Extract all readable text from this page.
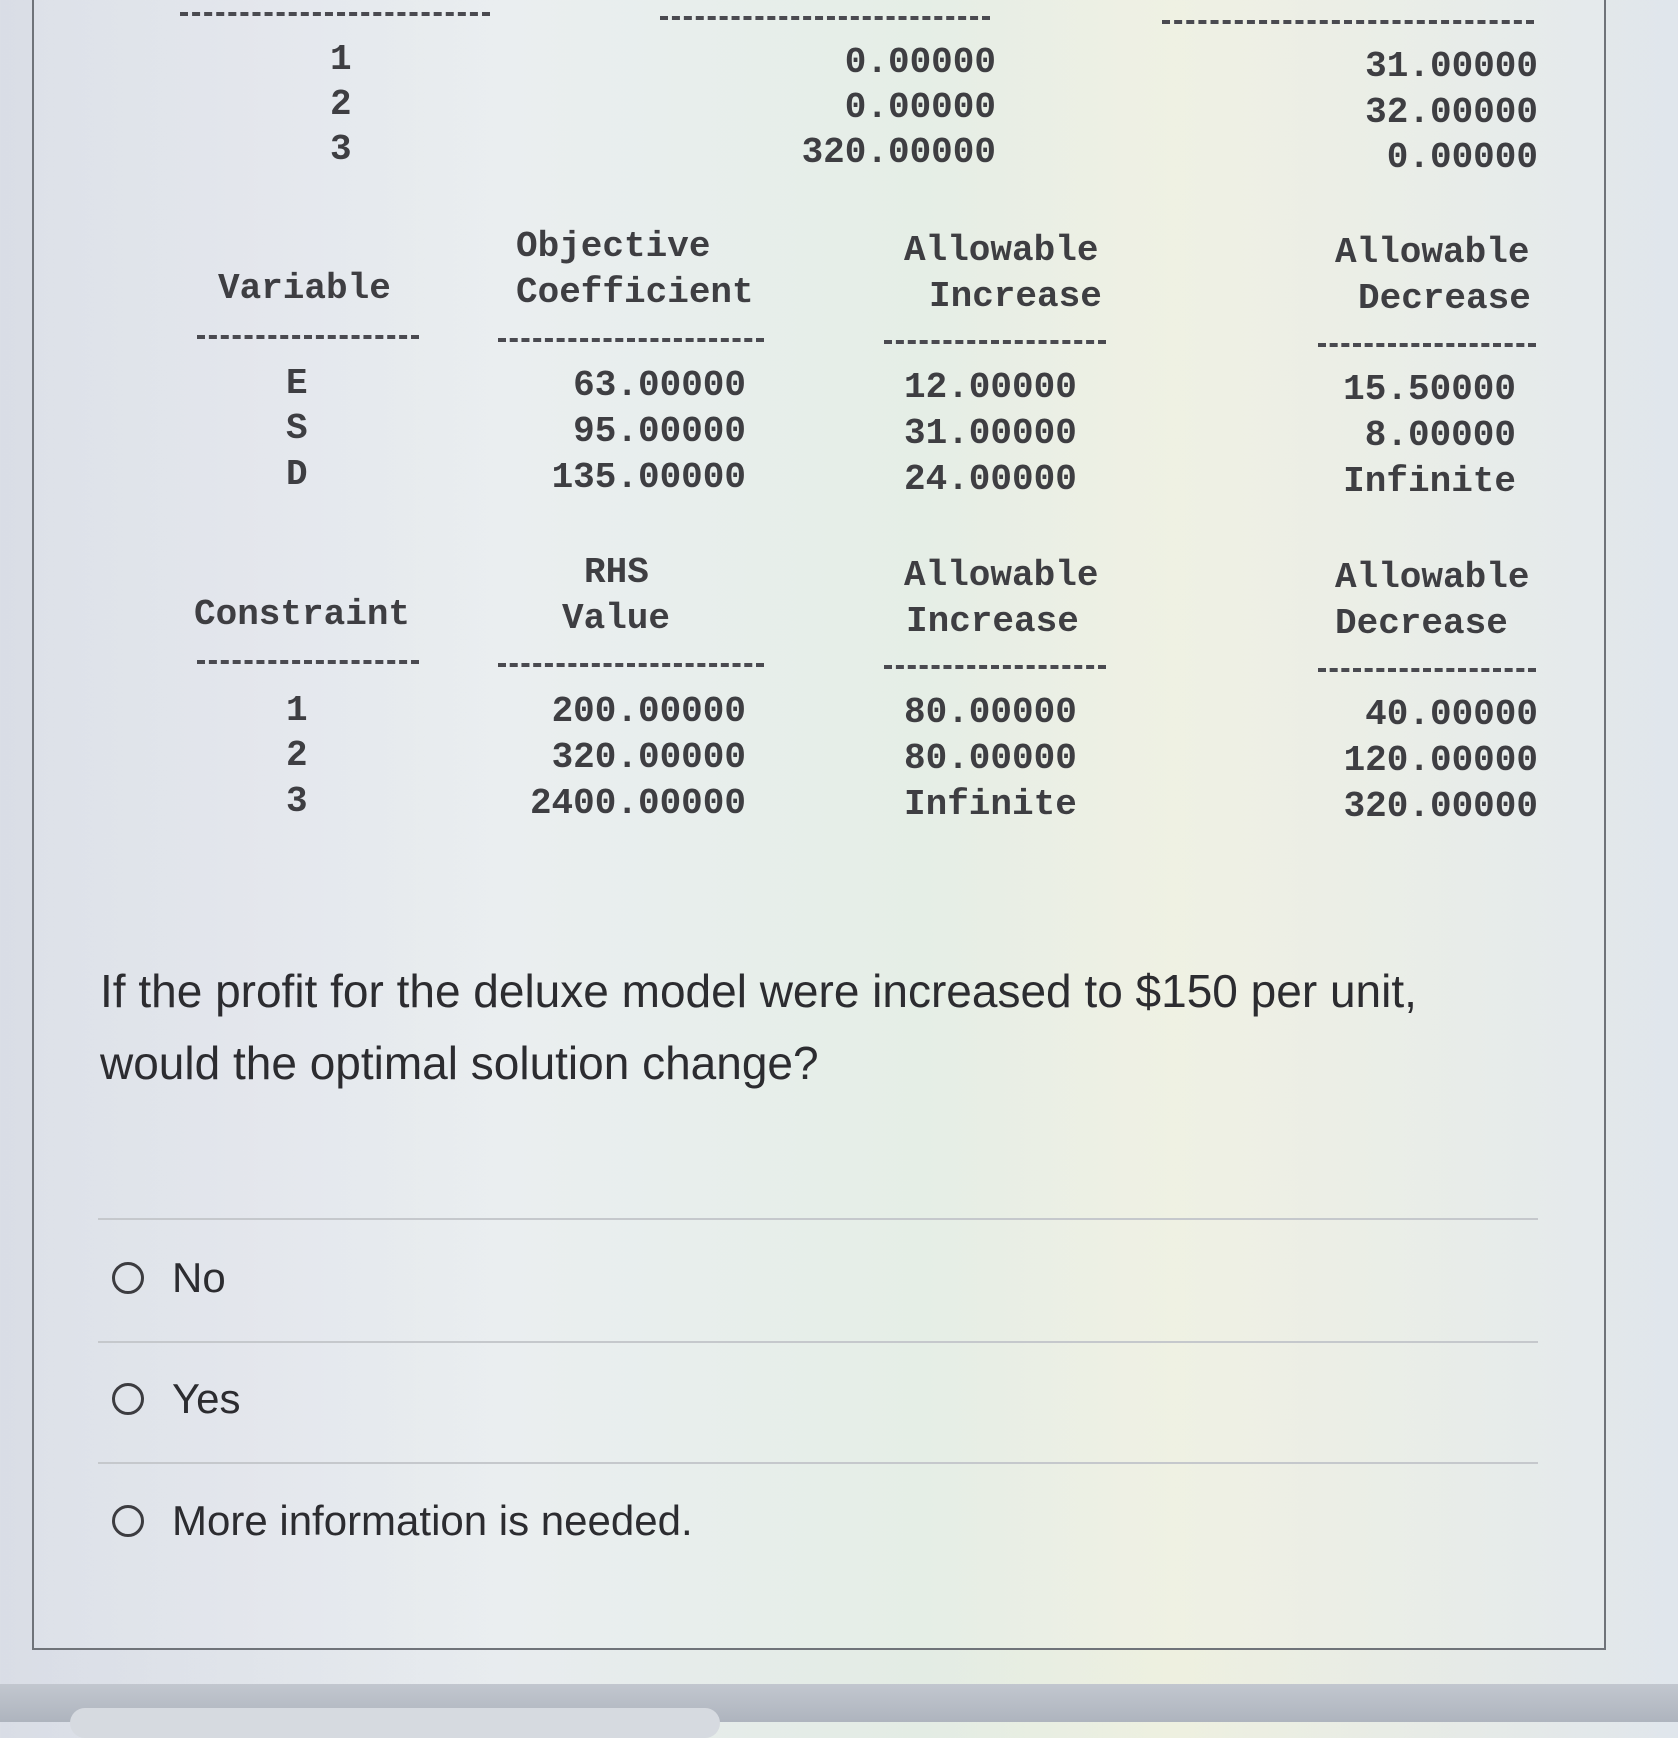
1
2
3
0.00000
0.00000
320.00000
31.00000
32.00000
0.00000
Variable
Objective
Coefficient
Allowable
Increase
Allowable
Decrease
E
S
D
63.00000
95.00000
135.00000
12.00000
31.00000
24.00000
15.50000
8.00000
Infinite
Constraint
RHS
Value
Allowable
Increase
Allowable
Decrease
1
2
3
200.00000
320.00000
2400.00000
80.00000
80.00000
Infinite
40.00000
120.00000
320.00000
If the profit for the deluxe model were increased to $150 per unit, would the optimal solution change?
No
Yes
More information is needed.
